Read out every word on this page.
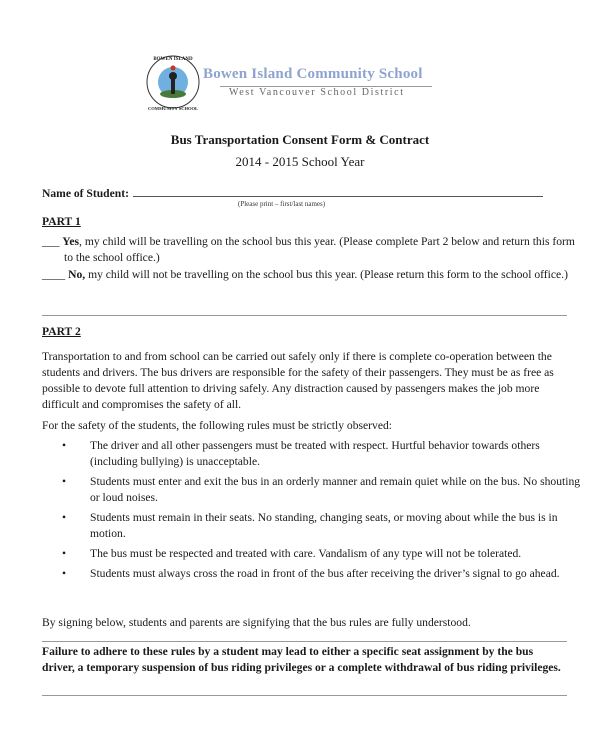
BOWEN ISLAND
COMMUNITY SCHOOL
Bowen Island Community School
West Vancouver School District
Bus Transportation Consent Form & Contract
2014 - 2015 School Year
Name of Student:
(Please print – first/last names)
PART 1
___ Yes, my child will be travelling on the school bus this year. (Please complete Part 2 below and return this form to the school office.)
____ No, my child will not be travelling on the school bus this year. (Please return this form to the school office.)
PART 2
Transportation to and from school can be carried out safely only if there is complete co-operation between the students and drivers. The bus drivers are responsible for the safety of their passengers. They must be as free as possible to devote full attention to driving safely. Any distraction caused by passengers makes the job more difficult and compromises the safety of all.
For the safety of the students, the following rules must be strictly observed:
• The driver and all other passengers must be treated with respect. Hurtful behavior towards others (including bullying) is unacceptable.
• Students must enter and exit the bus in an orderly manner and remain quiet while on the bus. No shouting or loud noises.
• Students must remain in their seats. No standing, changing seats, or moving about while the bus is in motion.
• The bus must be respected and treated with care. Vandalism of any type will not be tolerated.
• Students must always cross the road in front of the bus after receiving the driver’s signal to go ahead.
By signing below, students and parents are signifying that the bus rules are fully understood.
Failure to adhere to these rules by a student may lead to either a specific seat assignment by the bus driver, a temporary suspension of bus riding privileges or a complete withdrawal of bus riding privileges.
